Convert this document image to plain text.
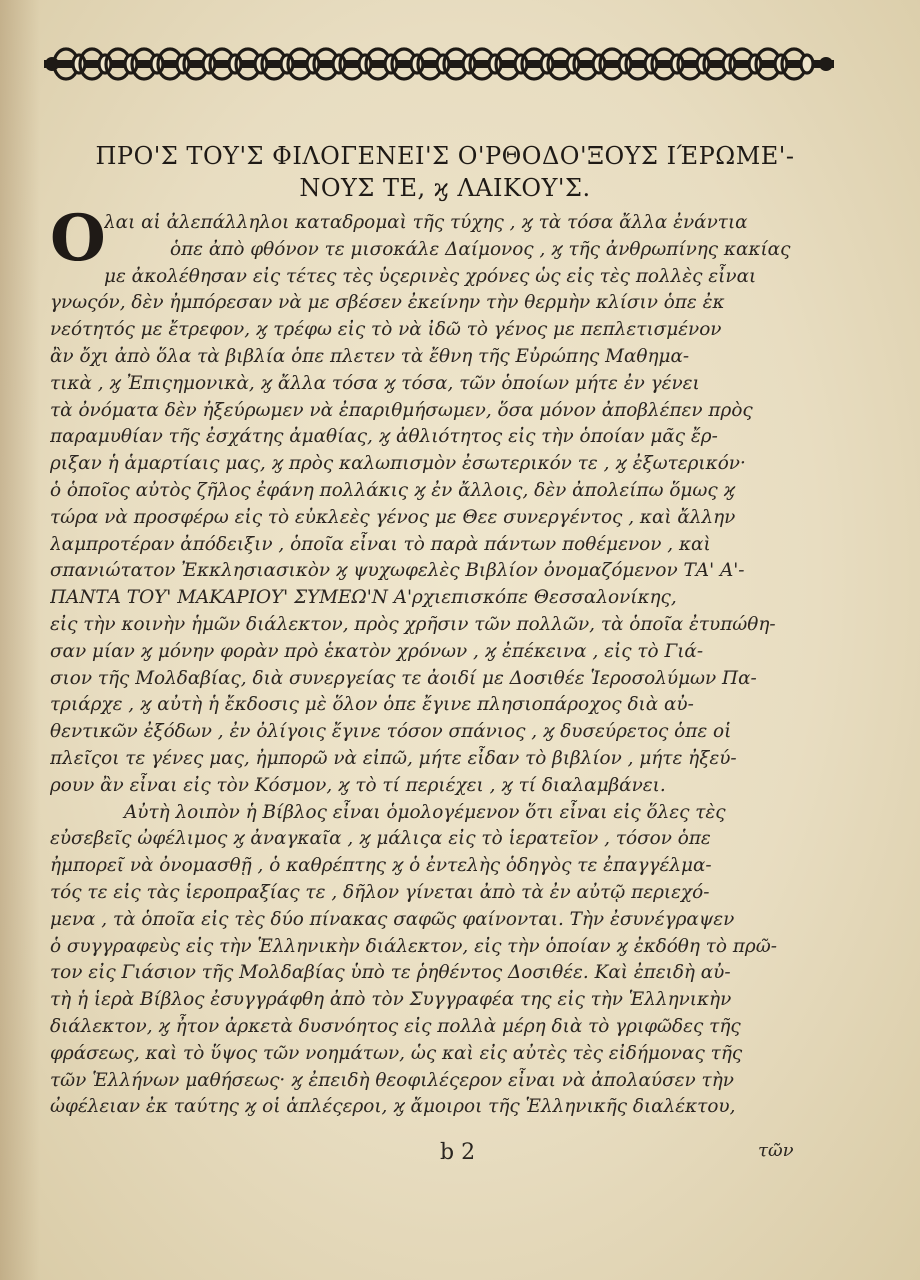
ΠΡΟ'Σ ΤΟΥ'Σ ΦΙΛΟΓΕΝΕΙ'Σ Ο'ΡΘΟΔΟ'ΞΟΥΣ ΙΈΡΩΜΕ'-
ΝΟΥΣ ΤΕ, ϗ ΛΑΙΚΟΥ'Σ.
O
λαι αἱ ἀλεπάλληλοι καταδρομαὶ τῆς τύχης , ϗ τὰ τόσα ἄλλα ἐνάντια
ὁπε ἀπὸ φθόνον τε μισοκάλε Δαίμονος , ϗ τῆς ἀνθρωπίνης κακίας
με ἀκολέθησαν εἰς τέτες τὲς ὑςερινὲς χρόνες ὡς εἰς τὲς πολλὲς εἶναι
γνωςόν, δὲν ἠμπόρεσαν νὰ με σβέσεν ἐκείνην τὴν θερμὴν κλίσιν ὁπε ἐκ
νεότητός με ἔτρεφον, ϗ τρέφω εἰς τὸ νὰ ἰδῶ τὸ γένος με πεπλετισμένον
ἂν ὄχι ἀπὸ ὅλα τὰ βιβλία ὁπε πλετεν τὰ ἔθνη τῆς Εὐρώπης Μαθημα-
τικὰ , ϗ Ἐπιςημονικὰ, ϗ ἄλλα τόσα ϗ τόσα, τῶν ὁποίων μήτε ἐν γένει
τὰ ὀνόματα δὲν ἠξεύρωμεν νὰ ἐπαριθμήσωμεν, ὅσα μόνον ἀποβλέπεν πρὸς
παραμυθίαν τῆς ἐσχάτης ἀμαθίας, ϗ ἀθλιότητος εἰς τὴν ὁποίαν μᾶς ἔρ-
ριξαν ἡ ἁμαρτίαις μας, ϗ πρὸς καλωπισμὸν ἐσωτερικόν τε , ϗ ἐξωτερικόν·
ὁ ὁποῖος αὐτὸς ζῆλος ἐφάνη πολλάκις ϗ ἐν ἄλλοις, δὲν ἀπολείπω ὅμως ϗ
τώρα νὰ προσφέρω εἰς τὸ εὐκλεὲς γένος με Θεε συνεργέντος , καὶ ἄλλην
λαμπροτέραν ἀπόδειξιν , ὁποῖα εἶναι τὸ παρὰ πάντων ποθέμενον , καὶ
σπανιώτατον Ἐκκλησιασικὸν ϗ ψυχωφελὲς Βιβλίον ὀνομαζόμενον ΤΑ' Α'-
ΠΑΝΤΑ ΤΟΥ' ΜΑΚΑΡΙΟΥ' ΣΥΜΕΩ'Ν Α'ρχιεπισκόπε Θεσσαλονίκης,
εἰς τὴν κοινὴν ἡμῶν διάλεκτον, πρὸς χρῆσιν τῶν πολλῶν, τὰ ὁποῖα ἐτυπώθη-
σαν μίαν ϗ μόνην φορὰν πρὸ ἑκατὸν χρόνων , ϗ ἐπέκεινα , εἰς τὸ Γιά-
σιον τῆς Μολδαβίας, διὰ συνεργείας τε ἀοιδί με Δοσιθέε Ἱεροσολύμων Πα-
τριάρχε , ϗ αὐτὴ ἡ ἔκδοσις μὲ ὅλον ὁπε ἔγινε πλησιοπάροχος διὰ αὐ-
θεντικῶν ἐξόδων , ἐν ὀλίγοις ἔγινε τόσον σπάνιος , ϗ δυσεύρετος ὁπε οἱ
πλεῖςοι τε γένες μας, ἠμπορῶ νὰ εἰπῶ, μήτε εἶδαν τὸ βιβλίον , μήτε ἠξεύ-
ρουν ἂν εἶναι εἰς τὸν Κόσμον, ϗ τὸ τί περιέχει , ϗ τί διαλαμβάνει.
Αὐτὴ λοιπὸν ἡ Βίβλος εἶναι ὁμολογέμενον ὅτι εἶναι εἰς ὅλες τὲς
εὐσεβεῖς ὠφέλιμος ϗ ἀναγκαῖα , ϗ μάλιςα εἰς τὸ ἱερατεῖον , τόσον ὁπε
ἠμπορεῖ νὰ ὀνομασθῇ , ὁ καθρέπτης ϗ ὁ ἐντελὴς ὁδηγὸς τε ἐπαγγέλμα-
τός τε εἰς τὰς ἱεροπραξίας τε , δῆλον γίνεται ἀπὸ τὰ ἐν αὐτῷ περιεχό-
μενα , τὰ ὁποῖα εἰς τὲς δύο πίνακας σαφῶς φαίνονται. Τὴν ἐσυνέγραψεν
ὁ συγγραφεὺς εἰς τὴν Ἑλληνικὴν διάλεκτον, εἰς τὴν ὁποίαν ϗ ἐκδόθη τὸ πρῶ-
τον εἰς Γιάσιον τῆς Μολδαβίας ὑπὸ τε ῥηθέντος Δοσιθέε. Καὶ ἐπειδὴ αὐ-
τὴ ἡ ἱερὰ Βίβλος ἐσυγγράφθη ἀπὸ τὸν Συγγραφέα της εἰς τὴν Ἑλληνικὴν
διάλεκτον, ϗ ἦτον ἀρκετὰ δυσνόητος εἰς πολλὰ μέρη διὰ τὸ γριφῶδες τῆς
φράσεως, καὶ τὸ ὕψος τῶν νοημάτων, ὡς καὶ εἰς αὐτὲς τὲς εἰδήμονας τῆς
τῶν Ἑλλήνων μαθήσεως· ϗ ἐπειδὴ θεοφιλέςερον εἶναι νὰ ἀπολαύσεν τὴν
ὠφέλειαν ἐκ ταύτης ϗ οἱ ἁπλέςεροι, ϗ ἄμοιροι τῆς Ἑλληνικῆς διαλέκτου,
b 2	τῶν
